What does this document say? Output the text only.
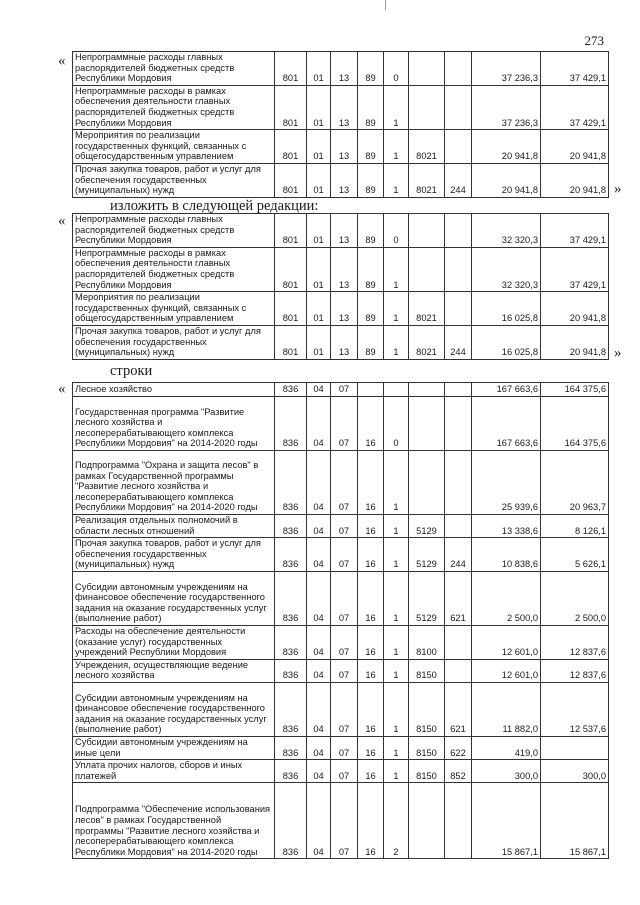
273
« Непрограммные расходы главных распорядителей бюджетных средств Республики Мордовия	801	01	13	89	0			37 236,3	37 429,1
Непрограммные расходы в рамках обеспечения деятельности главных распорядителей бюджетных средств Республики Мордовия	801	01	13	89	1			37 236,3	37 429,1
Мероприятия по реализации государственных функций, связанных с общегосударственным управлением	801	01	13	89	1	8021		20 941,8	20 941,8
Прочая закупка товаров, работ и услуг для обеспечения государственных (муниципальных) нужд	801	01	13	89	1	8021	244	20 941,8	20 941,8 »
изложить в следующей редакции:
« Непрограммные расходы главных распорядителей бюджетных средств Республики Мордовия	801	01	13	89	0			32 320,3	37 429,1
Непрограммные расходы в рамках обеспечения деятельности главных распорядителей бюджетных средств Республики Мордовия	801	01	13	89	1			32 320,3	37 429,1
Мероприятия по реализации государственных функций, связанных с общегосударственным управлением	801	01	13	89	1	8021		16 025,8	20 941,8
Прочая закупка товаров, работ и услуг для обеспечения государственных (муниципальных) нужд	801	01	13	89	1	8021	244	16 025,8	20 941,8 »
строки
« Лесное хозяйство	836	04	07					167 663,6	164 375,6
Государственная программа "Развитие лесного хозяйства и лесоперерабатывающего комплекса Республики Мордовия" на 2014-2020 годы	836	04	07	16	0			167 663,6	164 375,6
Подпрограмма "Охрана и защита лесов" в рамках Государственной программы "Развитие лесного хозяйства и лесоперерабатывающего комплекса Республики Мордовия" на 2014-2020 годы	836	04	07	16	1			25 939,6	20 963,7
Реализация отдельных полномочий в области лесных отношений	836	04	07	16	1	5129		13 338,6	8 126,1
Прочая закупка товаров, работ и услуг для обеспечения государственных (муниципальных) нужд	836	04	07	16	1	5129	244	10 838,6	5 626,1
Субсидии автономным учреждениям на финансовое обеспечение государственного задания на оказание государственных услуг (выполнение работ)	836	04	07	16	1	5129	621	2 500,0	2 500,0
Расходы на обеспечение деятельности (оказание услуг) государственных учреждений Республики Мордовия	836	04	07	16	1	8100		12 601,0	12 837,6
Учреждения, осуществляющие ведение лесного хозяйства	836	04	07	16	1	8150		12 601,0	12 837,6
Субсидии автономным учреждениям на финансовое обеспечение государственного задания на оказание государственных услуг (выполнение работ)	836	04	07	16	1	8150	621	11 882,0	12 537,6
Субсидии автономным учреждениям на иные цели	836	04	07	16	1	8150	622	419,0	
Уплата прочих налогов, сборов и иных платежей	836	04	07	16	1	8150	852	300,0	300,0
Подпрограмма "Обеспечение использования лесов" в рамках Государственной программы "Развитие лесного хозяйства и лесоперерабатывающего комплекса Республики Мордовия" на 2014-2020 годы	836	04	07	16	2			15 867,1	15 867,1
